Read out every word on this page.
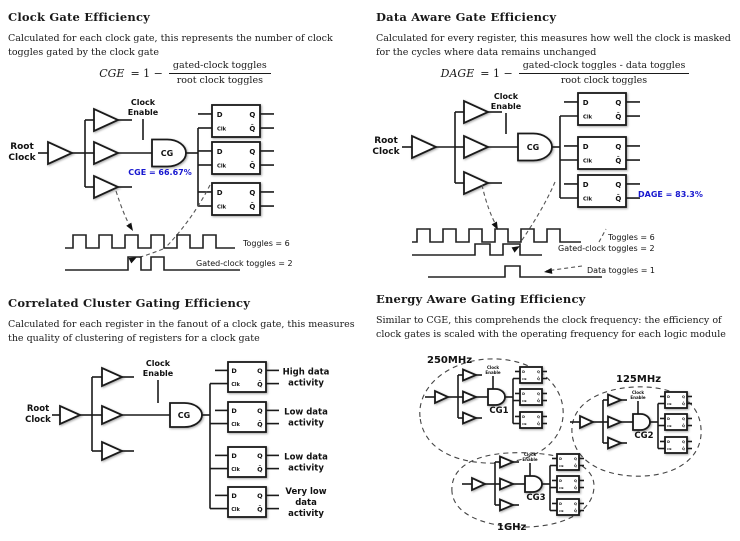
Clock Gate Efficiency
Calculated for each clock gate, this represents the number of clock toggles gated by the clock gate
CGE = $1 - \frac{\text{gated-clock toggles}}{\text{root clock toggles}}$
Root
Clock
Clock
Enable
CG
D	Q
Clk	Q̄
D	Q
Clk	Q̄
D	Q
Clk	Q̄
CGE = 66.67%
Toggles = 6
Gated-clock toggles = 2
Data Aware Gate Efficiency
Calculated for every register, this measures how well the clock is masked for the cycles where data remains unchanged
DAGE = $1 - \frac{\text{gated-clock toggles - data toggles}}{\text{root clock toggles}}$
Root
Clock
Clock
Enable
CG
D	Q
Clk	Q̄
D	Q
Clk	Q̄
D	Q
Clk	Q̄ DAGE = 83.3%
Toggles = 6
Gated-clock toggles = 2
Data toggles = 1
Correlated Cluster Gating Efficiency
Calculated for each register in the fanout of a clock gate, this measures the quality of clustering of registers for a clock gate
Root
Clock
Clock
Enable
CG
D	Q
Clk	Q̄
High data
activity
D	Q
Clk	Q̄
Low data
activity
D	Q
Clk	Q̄
Low data
activity
D	Q
Clk	Q̄
Very low
data
activity
Energy Aware Gating Efficiency
Similar to CGE, this comprehends the clock frequency: the efficiency of clock gates is scaled with the operating frequency for each logic module
250MHz
Clock
Enable
CG1
D	Q
Clk	Q̄
D	Q
Clk	Q̄
D	Q
Clk	Q̄
125MHz
Clock
Enable
CG2
D	Q
Clk	Q̄
D	Q
Clk	Q̄
D	Q
Clk	Q̄
1GHz
Clock
Enable
CG3
D	Q
Clk	Q̄
D	Q
Clk	Q̄
D	Q
Clk	Q̄
